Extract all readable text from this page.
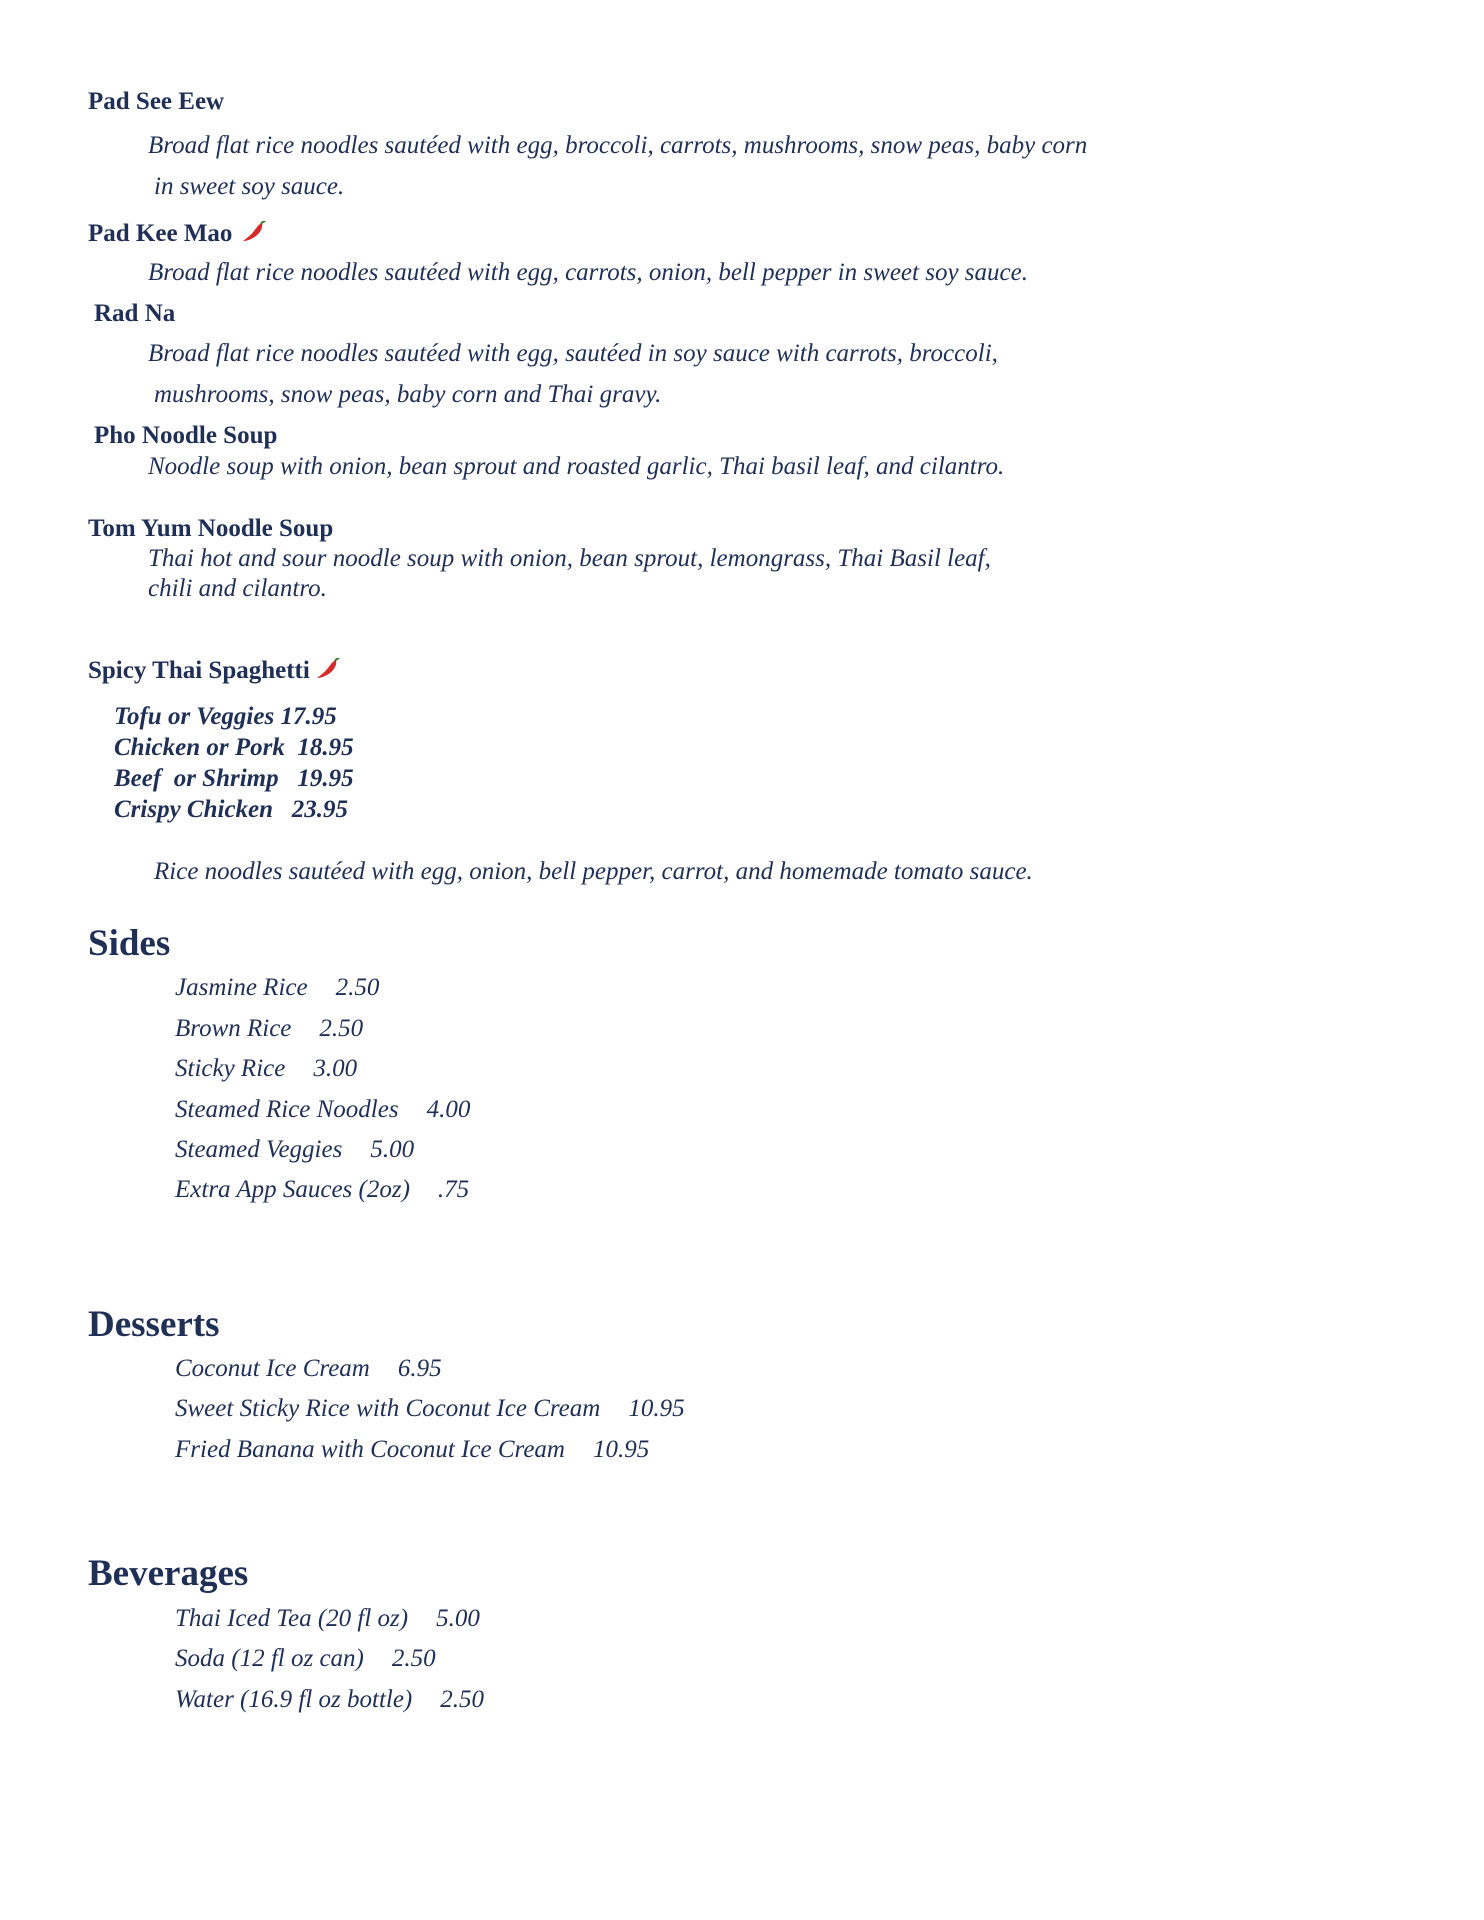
Pad See Eew
Broad flat rice noodles sautéed with egg, broccoli, carrots, mushrooms, snow peas, baby corn
in sweet soy sauce.
Pad Kee Mao
Broad flat rice noodles sautéed with egg, carrots, onion, bell pepper in sweet soy sauce.
Rad Na
Broad flat rice noodles sautéed with egg, sautéed in soy sauce with carrots, broccoli,
mushrooms, snow peas, baby corn and Thai gravy.
Pho Noodle Soup
Noodle soup with onion, bean sprout and roasted garlic, Thai basil leaf, and cilantro.
Tom Yum Noodle Soup
Thai hot and sour noodle soup with onion, bean sprout, lemongrass, Thai Basil leaf,
chili and cilantro.
Spicy Thai Spaghetti
Tofu or Veggies 17.95
Chicken or Pork  18.95
Beef  or Shrimp   19.95
Crispy Chicken   23.95
Rice noodles sautéed with egg, onion, bell pepper, carrot, and homemade tomato sauce.
Sides
Jasmine Rice 2.50
Brown Rice 2.50
Sticky Rice 3.00
Steamed Rice Noodles 4.00
Steamed Veggies 5.00
Extra App Sauces (2oz) .75
Desserts
Coconut Ice Cream 6.95
Sweet Sticky Rice with Coconut Ice Cream 10.95
Fried Banana with Coconut Ice Cream 10.95
Beverages
Thai Iced Tea (20 fl oz) 5.00
Soda (12 fl oz can) 2.50
Water (16.9 fl oz bottle) 2.50
